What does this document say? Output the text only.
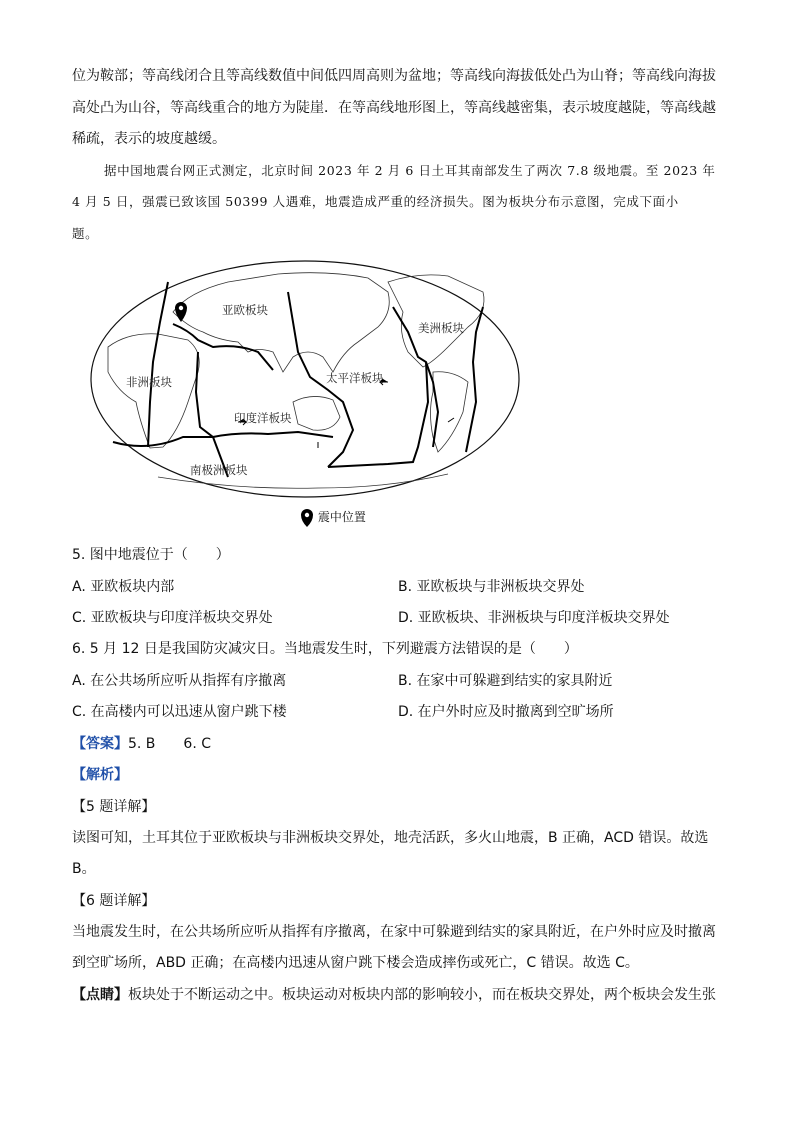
位为鞍部；等高线闭合且等高线数值中间低四周高则为盆地；等高线向海拔低处凸为山脊；等高线向海拔
高处凸为山谷，等高线重合的地方为陡崖．在等高线地形图上，等高线越密集，表示坡度越陡，等高线越
稀疏，表示的坡度越缓。
据中国地震台网正式测定，北京时间 2023 年 2 月 6 日土耳其南部发生了两次 7.8 级地震。至 2023 年
4 月 5 日，强震已致该国 50399 人遇难，地震造成严重的经济损失。图为板块分布示意图，完成下面小
题。
亚欧板块
美洲板块
非洲板块	太平洋板块
印度洋板块
南极洲板块
震中位置
5. 图中地震位于（　　）
A. 亚欧板块内部	B. 亚欧板块与非洲板块交界处
C. 亚欧板块与印度洋板块交界处	D. 亚欧板块、非洲板块与印度洋板块交界处
6. 5 月 12 日是我国防灾减灾日。当地震发生时，下列避震方法错误的是（　　）
A. 在公共场所应听从指挥有序撤离	B. 在家中可躲避到结实的家具附近
C. 在高楼内可以迅速从窗户跳下楼	D. 在户外时应及时撤离到空旷场所
【答案】5. B　　6. C
【解析】
【5 题详解】
读图可知，土耳其位于亚欧板块与非洲板块交界处，地壳活跃，多火山地震，B 正确，ACD 错误。故选
B。
【6 题详解】
当地震发生时，在公共场所应听从指挥有序撤离，在家中可躲避到结实的家具附近，在户外时应及时撤离
到空旷场所，ABD 正确；在高楼内迅速从窗户跳下楼会造成摔伤或死亡，C 错误。故选 C。
【点睛】板块处于不断运动之中。板块运动对板块内部的影响较小，而在板块交界处，两个板块会发生张
